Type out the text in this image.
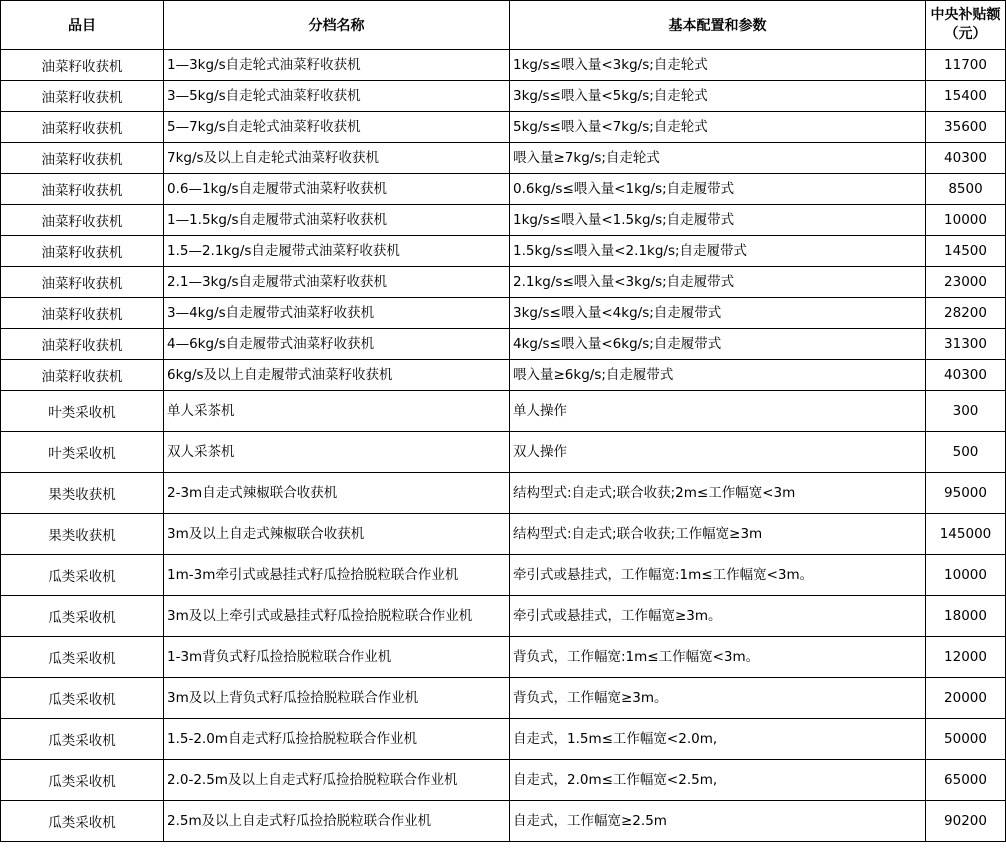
品目	分档名称	基本配置和参数	中央补贴额（元）
油菜籽收获机	1—3kg/s自走轮式油菜籽收获机	1kg/s≤喂入量<3kg/s;自走轮式	11700
油菜籽收获机	3—5kg/s自走轮式油菜籽收获机	3kg/s≤喂入量<5kg/s;自走轮式	15400
油菜籽收获机	5—7kg/s自走轮式油菜籽收获机	5kg/s≤喂入量<7kg/s;自走轮式	35600
油菜籽收获机	7kg/s及以上自走轮式油菜籽收获机	喂入量≥7kg/s;自走轮式	40300
油菜籽收获机	0.6—1kg/s自走履带式油菜籽收获机	0.6kg/s≤喂入量<1kg/s;自走履带式	8500
油菜籽收获机	1—1.5kg/s自走履带式油菜籽收获机	1kg/s≤喂入量<1.5kg/s;自走履带式	10000
油菜籽收获机	1.5—2.1kg/s自走履带式油菜籽收获机	1.5kg/s≤喂入量<2.1kg/s;自走履带式	14500
油菜籽收获机	2.1—3kg/s自走履带式油菜籽收获机	2.1kg/s≤喂入量<3kg/s;自走履带式	23000
油菜籽收获机	3—4kg/s自走履带式油菜籽收获机	3kg/s≤喂入量<4kg/s;自走履带式	28200
油菜籽收获机	4—6kg/s自走履带式油菜籽收获机	4kg/s≤喂入量<6kg/s;自走履带式	31300
油菜籽收获机	6kg/s及以上自走履带式油菜籽收获机	喂入量≥6kg/s;自走履带式	40300
叶类采收机	单人采茶机	单人操作	300
叶类采收机	双人采茶机	双人操作	500
果类收获机	2-3m自走式辣椒联合收获机	结构型式:自走式;联合收获;2m≤工作幅宽<3m	95000
果类收获机	3m及以上自走式辣椒联合收获机	结构型式:自走式;联合收获;工作幅宽≥3m	145000
瓜类采收机	1m-3m牵引式或悬挂式籽瓜捡拾脱粒联合作业机	牵引式或悬挂式，工作幅宽:1m≤工作幅宽<3m。	10000
瓜类采收机	3m及以上牵引式或悬挂式籽瓜捡拾脱粒联合作业机	牵引式或悬挂式，工作幅宽≥3m。	18000
瓜类采收机	1-3m背负式籽瓜捡拾脱粒联合作业机	背负式，工作幅宽:1m≤工作幅宽<3m。	12000
瓜类采收机	3m及以上背负式籽瓜捡拾脱粒联合作业机	背负式，工作幅宽≥3m。	20000
瓜类采收机	1.5-2.0m自走式籽瓜捡拾脱粒联合作业机	自走式，1.5m≤工作幅宽<2.0m,	50000
瓜类采收机	2.0-2.5m及以上自走式籽瓜捡拾脱粒联合作业机	自走式，2.0m≤工作幅宽<2.5m,	65000
瓜类采收机	2.5m及以上自走式籽瓜捡拾脱粒联合作业机	自走式，工作幅宽≥2.5m	90200
